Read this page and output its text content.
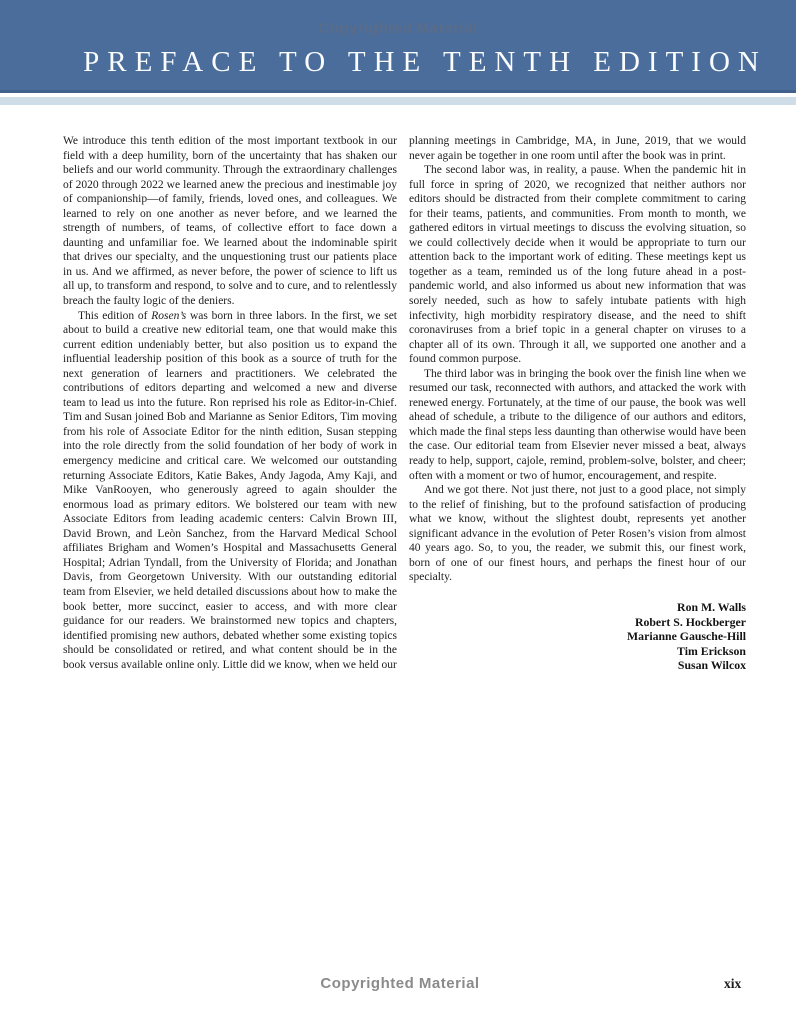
Copyrighted Material
PREFACE TO THE TENTH EDITION

We introduce this tenth edition of the most important textbook in our field with a deep humility, born of the uncertainty that has shaken our beliefs and our world community. Through the extraordinary challenges of 2020 through 2022 we learned anew the precious and inestimable joy of companionship—of family, friends, loved ones, and colleagues. We learned to rely on one another as never before, and we learned the strength of numbers, of teams, of collective effort to face down a daunting and unfamiliar foe. We learned about the indominable spirit that drives our specialty, and the unquestioning trust our patients place in us. And we affirmed, as never before, the power of science to lift us all up, to transform and respond, to solve and to cure, and to relentlessly breach the faulty logic of the deniers.

This edition of Rosen’s was born in three labors. In the first, we set about to build a creative new editorial team, one that would make this current edition undeniably better, but also position us to expand the influential leadership position of this book as a source of truth for the next generation of learners and practitioners. We celebrated the contributions of editors departing and welcomed a new and diverse team to lead us into the future. Ron reprised his role as Editor-in-Chief. Tim and Susan joined Bob and Marianne as Senior Editors, Tim moving from his role of Associate Editor for the ninth edition, Susan stepping into the role directly from the solid foundation of her body of work in emergency medicine and critical care. We welcomed our outstanding returning Associate Editors, Katie Bakes, Andy Jagoda, Amy Kaji, and Mike VanRooyen, who generously agreed to again shoulder the enormous load as primary editors. We bolstered our team with new Associate Editors from leading academic centers: Calvin Brown III, David Brown, and Leòn Sanchez, from the Harvard Medical School affiliates Brigham and Women’s Hospital and Massachusetts General Hospital; Adrian Tyndall, from the University of Florida; and Jonathan Davis, from Georgetown University. With our outstanding editorial team from Elsevier, we held detailed discussions about how to make the book better, more succinct, easier to access, and with more clear guidance for our readers. We brainstormed new topics and chapters, identified promising new authors, debated whether some existing topics should be consolidated or retired, and what content should be in the book versus available online only. Little did we know, when we held our

planning meetings in Cambridge, MA, in June, 2019, that we would never again be together in one room until after the book was in print.

The second labor was, in reality, a pause. When the pandemic hit in full force in spring of 2020, we recognized that neither authors nor editors should be distracted from their complete commitment to caring for their teams, patients, and communities. From month to month, we gathered editors in virtual meetings to discuss the evolving situation, so we could collectively decide when it would be appropriate to turn our attention back to the important work of editing. These meetings kept us together as a team, reminded us of the long future ahead in a post-pandemic world, and also informed us about new information that was sorely needed, such as how to safely intubate patients with high infectivity, high morbidity respiratory disease, and the need to shift coronaviruses from a brief topic in a general chapter on viruses to a chapter all of its own. Through it all, we supported one another and a found common purpose.

The third labor was in bringing the book over the finish line when we resumed our task, reconnected with authors, and attacked the work with renewed energy. Fortunately, at the time of our pause, the book was well ahead of schedule, a tribute to the diligence of our authors and editors, which made the final steps less daunting than otherwise would have been the case. Our editorial team from Elsevier never missed a beat, always ready to help, support, cajole, remind, problem-solve, bolster, and cheer; often with a moment or two of humor, encouragement, and respite.

And we got there. Not just there, not just to a good place, not simply to the relief of finishing, but to the profound satisfaction of producing what we know, without the slightest doubt, represents yet another significant advance in the evolution of Peter Rosen’s vision from almost 40 years ago. So, to you, the reader, we submit this, our finest work, born of one of our finest hours, and perhaps the finest hour of our specialty.

Ron M. Walls
Robert S. Hockberger
Marianne Gausche-Hill
Tim Erickson
Susan Wilcox
Copyrighted Material	xix
